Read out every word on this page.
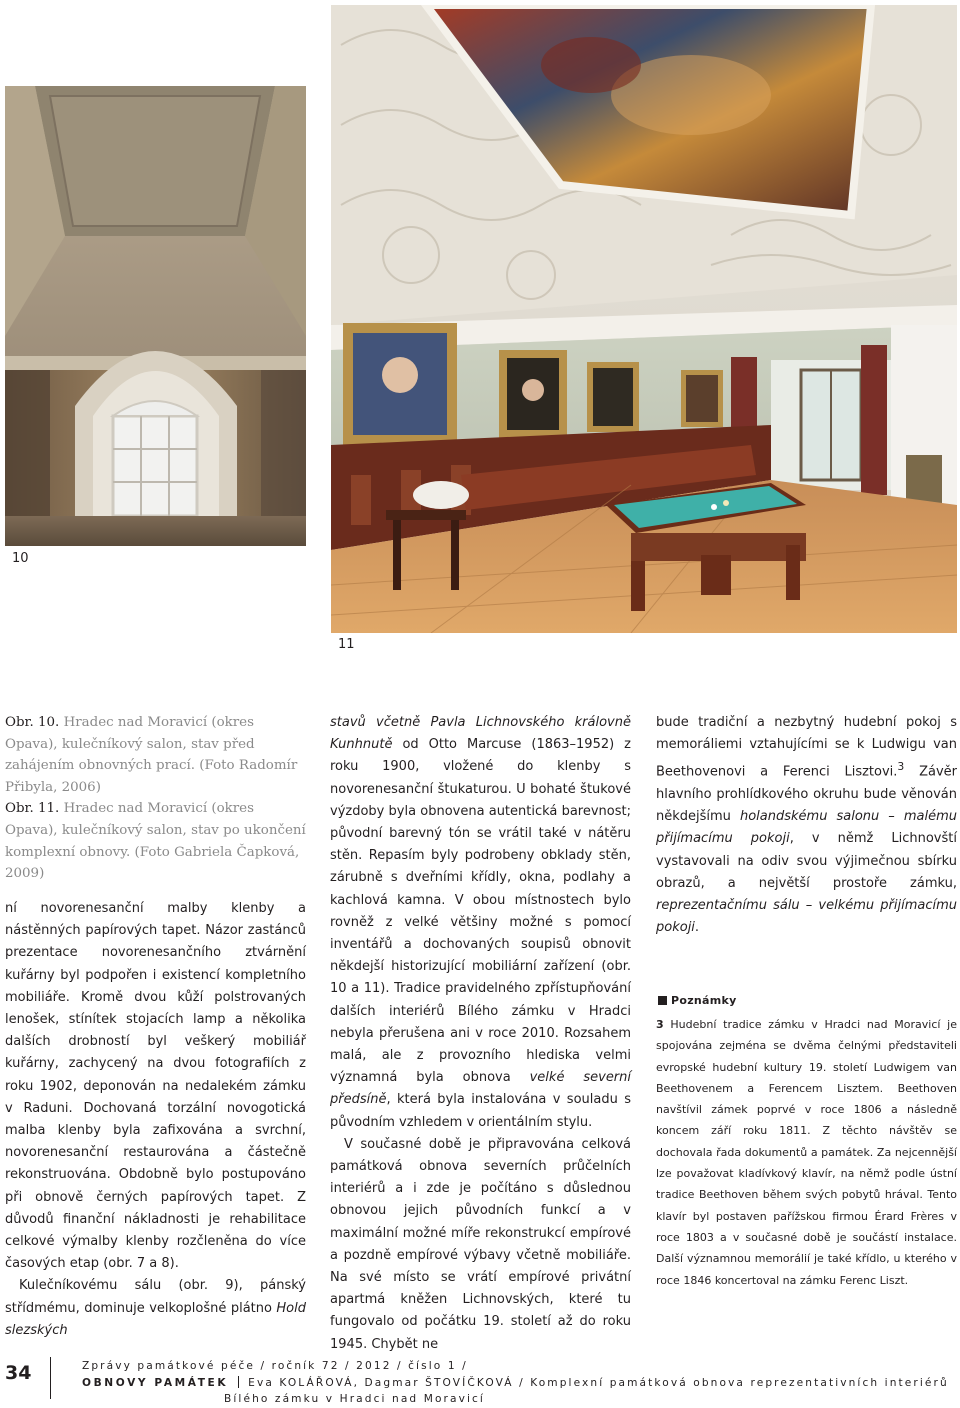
10
11

Obr. 10. Hradec nad Moravicí (okres Opava), kulečníkový salon, stav před zahájením obnovných prací. (Foto Radomír Přibyla, 2006)

Obr. 11. Hradec nad Moravicí (okres Opava), kulečníkový salon, stav po ukončení komplexní obnovy. (Foto Gabriela Čapková, 2009)

ní novorenesanční malby klenby a nástěnných papírových tapet. Názor zastánců prezentace novorenesančního ztvárnění kuřárny byl podpořen i existencí kompletního mobiliáře. Kromě dvou kůží polstrovaných lenošek, stínítek stojacích lamp a několika dalších drobností byl veškerý mobiliář kuřárny, zachycený na dvou fotografiích z roku 1902, deponován na nedalekém zámku v Raduni. Dochovaná torzální novogotická malba klenby byla zafixována a svrchní, novorenesanční restaurována a částečně rekonstruována. Obdobně bylo postupováno při obnově černých papírových tapet. Z důvodů finanční nákladnosti je rehabilitace celkové výmalby klenby rozčleněna do více časových etap (obr. 7 a 8).

Kulečníkovému sálu (obr. 9), pánský střídmému, dominuje velkoplošné plátno Hold slezských

stavů včetně Pavla Lichnovského královně Kunhnutě od Otto Marcuse (1863–1952) z roku 1900, vložené do klenby s novorenesanční štukaturou. U bohaté štukové výzdoby byla obnovena autentická barevnost; původní barevný tón se vrátil také v nátěru stěn. Repasím byly podrobeny obklady stěn, zárubně s dveřními křídly, okna, podlahy a kachlová kamna. V obou místnostech bylo rovněž z velké většiny možné s pomocí inventářů a dochovaných soupisů obnovit někdejší historizující mobiliární zařízení (obr. 10 a 11). Tradice pravidelného zpřístupňování dalších interiérů Bílého zámku v Hradci nebyla přerušena ani v roce 2010. Rozsahem malá, ale z provozního hlediska velmi významná byla obnova velké severní předsíně, která byla instalována v souladu s původním vzhledem v orientálním stylu.

V současné době je připravována celková památková obnova severních průčelních interiérů a i zde je počítáno s důslednou obnovou jejich původních funkcí a v maximální možné míře rekonstrukcí empírové a pozdně empírové výbavy včetně mobiliáře. Na své místo se vrátí empírové privátní apartmá kněžen Lichnovských, které tu fungovalo od počátku 19. století až do roku 1945. Chybět ne

bude tradiční a nezbytný hudební pokoj s memoráliemi vztahujícími se k Ludwigu van Beethovenovi a Ferenci Lisztovi.$^3$ Závěr hlavního prohlídkového okruhu bude věnován někdejšímu holandskému salonu – malému přijímacímu pokoji, v němž Lichnovští vystavovali na odiv svou výjimečnou sbírku obrazů, a největší prostoře zámku, reprezentačnímu sálu – velkému přijímacímu pokoji.

Poznámky

3 Hudební tradice zámku v Hradci nad Moravicí je spojována zejména se dvěma čelnými představiteli evropské hudební kultury 19. století Ludwigem van Beethovenem a Ferencem Lisztem. Beethoven navštívil zámek poprvé v roce 1806 a následně koncem září roku 1811. Z těchto návštěv se dochovala řada dokumentů a památek. Za nejcennější lze považovat kladívkový klavír, na němž podle ústní tradice Beethoven během svých pobytů hrával. Tento klavír byl postaven pařížskou firmou Érard Frères v roce 1803 a v současné době je součástí instalace. Další významnou memorálií je také křídlo, u kterého v roce 1846 koncertoval na zámku Ferenc Liszt.

34	Zprávy památkové péče / ročník 72 / 2012 / číslo 1 /
OBNOVY PAMÁTEK Eva KOLÁŘOVÁ, Dagmar ŠTOVÍČKOVÁ / Komplexní památková obnova reprezentativních interiérů
Bílého zámku v Hradci nad Moravicí
